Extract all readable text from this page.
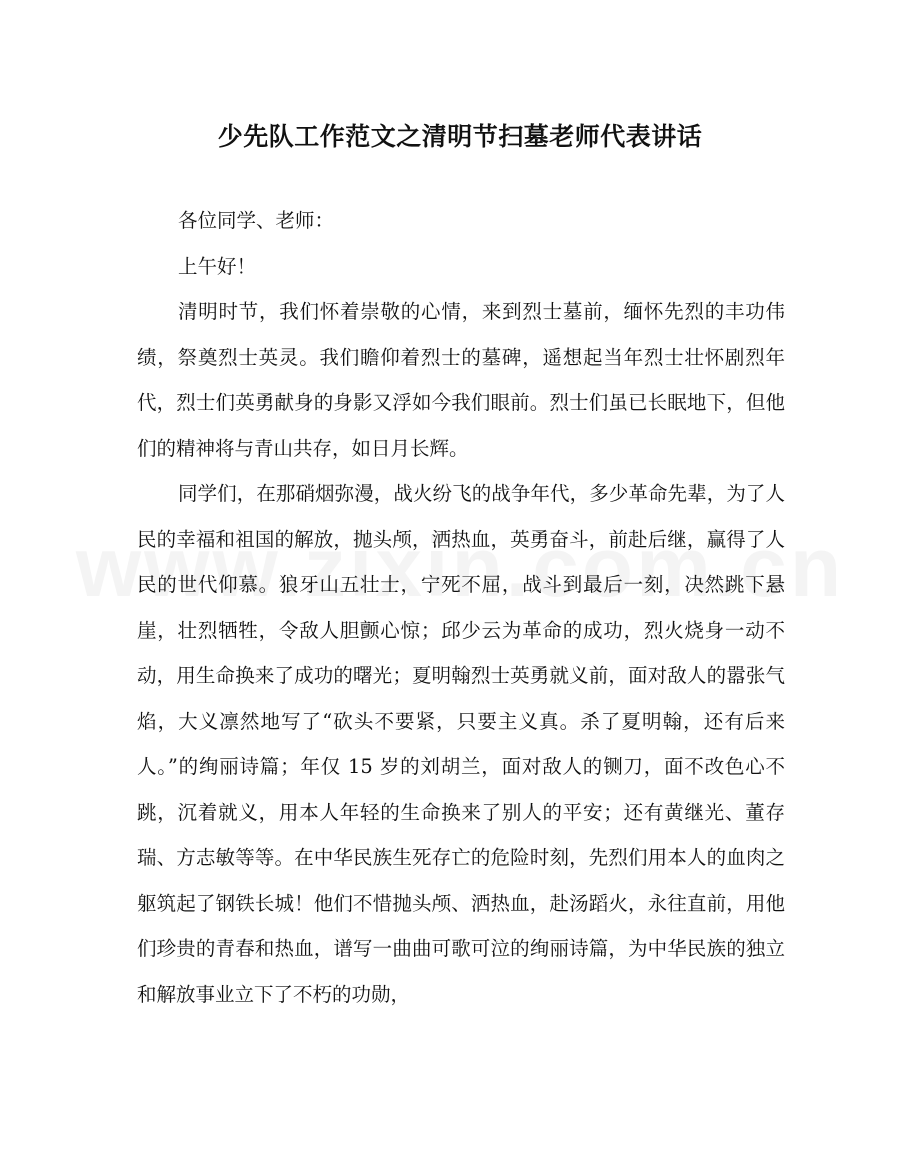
少先队工作范文之清明节扫墓老师代表讲话

各位同学、老师：

上午好！

清明时节，我们怀着崇敬的心情，来到烈士墓前，缅怀先烈的丰功伟绩，祭奠烈士英灵。我们瞻仰着烈士的墓碑，遥想起当年烈士壮怀剧烈年代，烈士们英勇献身的身影又浮如今我们眼前。烈士们虽已长眠地下，但他们的精神将与青山共存，如日月长辉。

同学们，在那硝烟弥漫，战火纷飞的战争年代，多少革命先辈，为了人民的幸福和祖国的解放，抛头颅，洒热血，英勇奋斗，前赴后继，赢得了人民的世代仰慕。狼牙山五壮士，宁死不屈，战斗到最后一刻，决然跳下悬崖，壮烈牺牲，令敌人胆颤心惊；邱少云为革命的成功，烈火烧身一动不动，用生命换来了成功的曙光；夏明翰烈士英勇就义前，面对敌人的嚣张气焰，大义凛然地写了“砍头不要紧，只要主义真。杀了夏明翰，还有后来人。”的绚丽诗篇；年仅 15 岁的刘胡兰，面对敌人的铡刀，面不改色心不跳，沉着就义，用本人年轻的生命换来了别人的平安；还有黄继光、董存瑞、方志敏等等。在中华民族生死存亡的危险时刻，先烈们用本人的血肉之躯筑起了钢铁长城！他们不惜抛头颅、洒热血，赴汤蹈火，永往直前，用他们珍贵的青春和热血，谱写一曲曲可歌可泣的绚丽诗篇，为中华民族的独立和解放事业立下了不朽的功勋，
